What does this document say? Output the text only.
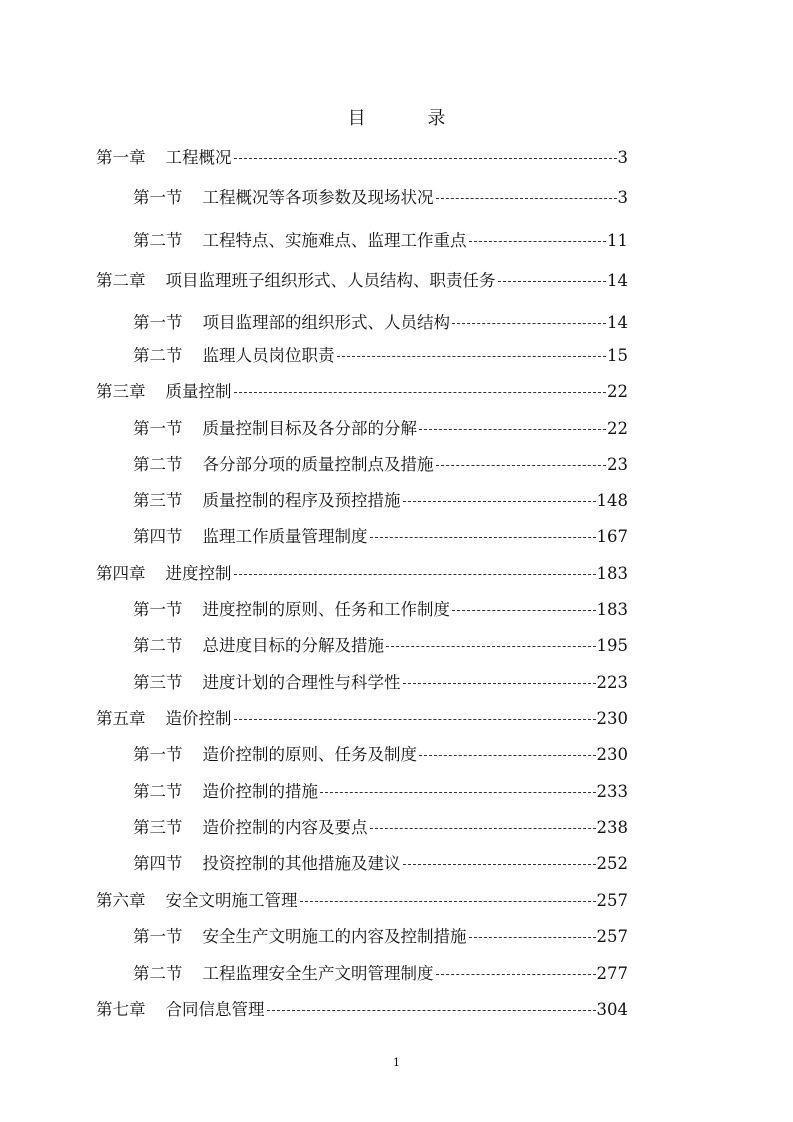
目	录
第一章 工程概况	3
第一节 工程概况等各项参数及现场状况	3
第二节 工程特点、实施难点、监理工作重点	11
第二章 项目监理班子组织形式、人员结构、职责任务	14
第一节 项目监理部的组织形式、人员结构	14
第二节 监理人员岗位职责	15
第三章 质量控制	22
第一节 质量控制目标及各分部的分解	22
第二节 各分部分项的质量控制点及措施	23
第三节 质量控制的程序及预控措施	148
第四节 监理工作质量管理制度	167
第四章 进度控制	183
第一节 进度控制的原则、任务和工作制度	183
第二节 总进度目标的分解及措施	195
第三节 进度计划的合理性与科学性	223
第五章 造价控制	230
第一节 造价控制的原则、任务及制度	230
第二节 造价控制的措施	233
第三节 造价控制的内容及要点	238
第四节 投资控制的其他措施及建议	252
第六章 安全文明施工管理	257
第一节 安全生产文明施工的内容及控制措施	257
第二节 工程监理安全生产文明管理制度	277
第七章 合同信息管理	304
1
